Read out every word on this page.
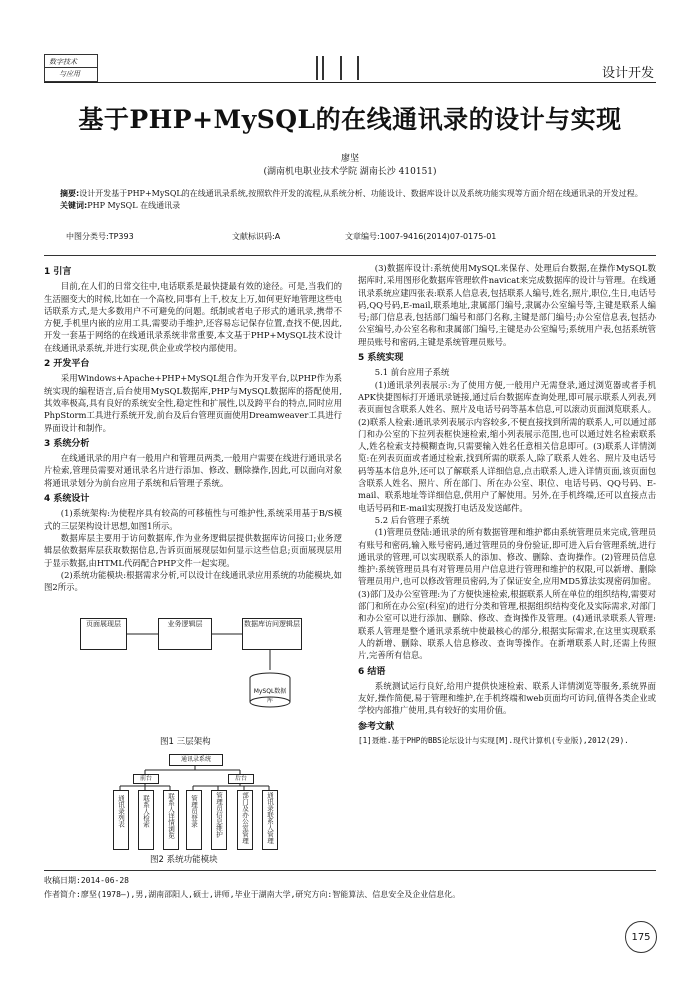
数字技术
与应用	设计开发
基于PHP+MySQL的在线通讯录的设计与实现
廖坚
(湖南机电职业技术学院 湖南长沙 410151)
摘要:设计开发基于PHP+MySQL的在线通讯录系统,按照软件开发的流程,从系统分析、功能设计、数据库设计以及系统功能实现等方面介绍在线通讯录的开发过程。
关键词:PHP MySQL 在线通讯录
中图分类号:TP393	文献标识码:A	文章编号:1007-9416(2014)07-0175-01
1 引言

目前,在人们的日常交往中,电话联系是最快捷最有效的途径。可是,当我们的生活圈变大的时候,比如在一个高校,同事有上千,校友上万,如何更好地管理这些电话联系方式,是大多数用户不可避免的问题。纸制或者电子形式的通讯录,携带不方便,手机里内嵌的应用工具,需要动手维护,还容易忘记保存位置,查找不便,因此,开发一套基于网络的在线通讯录系统非常重要,本文基于PHP+MySQL技术设计在线通讯录系统,并进行实现,供企业或学校内部使用。

2 开发平台

采用Windows+Apache+PHP+MySQL组合作为开发平台,以PHP作为系统实现的编程语言,后台使用MySQL数据库,PHP与MySQL数据库的搭配使用,其效率极高,具有良好的系统安全性,稳定性和扩展性,以及跨平台的特点,同时应用PhpStorm工具进行系统开发,前台及后台管理页面使用Dreamweaver工具进行界面设计和制作。

3 系统分析

在线通讯录的用户有一般用户和管理员两类,一般用户需要在线进行通讯录名片检索,管理员需要对通讯录名片进行添加、修改、删除操作,因此,可以面向对象将通讯录划分为前台应用子系统和后管理子系统。

4 系统设计

(1)系统架构:为使程序具有较高的可移植性与可维护性,系统采用基于B/S模式的三层架构设计思想,如图1所示。

数据库层主要用于访问数据库,作为业务逻辑层提供数据库访问接口;业务逻辑层依数据库层获取数据信息,告诉页面展现层如何显示这些信息;页面展现层用于显示数据,由HTML代码配合PHP文件一起实现。

(2)系统功能模块:根据需求分析,可以设计在线通讯录应用系统的功能模块,如图2所示。

页面展现层	业务逻辑层	数据库访问逻辑层
MySQL数据库
图1 三层架构
通讯录系统
前台	后台
通讯录列表	联系人检索	联系人详情浏览 管理员登录	管理员信息维护	部门及办公室管理	通讯录联系人管理
图2 系统功能模块

(3)数据库设计:系统使用MySQL来保存、处理后台数据,在操作MySQL数据库时,采用图形化数据库管理软件navicat来完成数据库的设计与管理。在线通讯录系统应建四张表:联系人信息表,包括联系人编号,姓名,照片,职位,生日,电话号码,QQ号码,E-mail,联系地址,隶属部门编号,隶属办公室编号等,主键是联系人编号;部门信息表,包括部门编号和部门名称,主键是部门编号;办公室信息表,包括办公室编号,办公室名称和隶属部门编号,主键是办公室编号;系统用户表,包括系统管理员账号和密码,主键是系统管理员账号。

5 系统实现

5.1 前台应用子系统

(1)通讯录列表展示:为了使用方便,一般用户无需登录,通过浏览器或者手机APK快捷图标打开通讯录链接,通过后台数据库查询处理,即可展示联系人列表,列表页面包含联系人姓名、照片及电话号码等基本信息,可以滚动页面浏览联系人。(2)联系人检索:通讯录列表展示内容较多,不便直接找到所需的联系人,可以通过部门和办公室的下拉列表框快速检索,缩小列表展示范围,也可以通过姓名检索联系人,姓名检索支持模糊查询,只需要输入姓名任意相关信息即可。(3)联系人详情浏览:在列表页面或者通过检索,找到所需的联系人,除了联系人姓名、照片及电话号码等基本信息外,还可以了解联系人详细信息,点击联系人,进入详情页面,该页面包含联系人姓名、照片、所在部门、所在办公室、职位、电话号码、QQ号码、E-mail、联系地址等详细信息,供用户了解使用。另外,在手机终端,还可以直接点击电话号码和E-mail实现拨打电话及发送邮件。

5.2 后台管理子系统

(1)管理员登陆:通讯录的所有数据管理和维护都由系统管理员来完成,管理员有账号和密码,输入账号密码,通过管理员的身份验证,即可进入后台管理系统,进行通讯录的管理,可以实现联系人的添加、修改、删除、查询操作。(2)管理员信息维护:系统管理员具有对管理员用户信息进行管理和维护的权限,可以新增、删除管理员用户,也可以修改管理员密码,为了保证安全,应用MD5算法实现密码加密。(3)部门及办公室管理:为了方便快速检索,根据联系人所在单位的组织结构,需要对部门和所在办公室(科室)的进行分类和管理,根据组织结构变化及实际需求,对部门和办公室可以进行添加、删除、修改、查询操作及管理。(4)通讯录联系人管理:联系人管理是整个通讯录系统中使最核心的部分,根据实际需求,在这里实现联系人的新增、删除、联系人信息修改、查询等操作。在新增联系人时,还需上传照片,完善所有信息。

6 结语

系统测试运行良好,给用户提供快速检索、联系人详情浏览等服务,系统界面友好,操作简便,易于管理和维护,在手机终端和web页面均可访问,值得各类企业或学校内部推广使用,具有较好的实用价值。

参考文献

[1]聂维.基于PHP的BBS论坛设计与实现[M].现代计算机(专业版),2012(29).

收稿日期:2014-06-28
作者简介:廖坚(1978—),男,湖南邵阳人,硕士,讲师,毕业于湖南大学,研究方向:智能算法、信息安全及企业信息化。
175
